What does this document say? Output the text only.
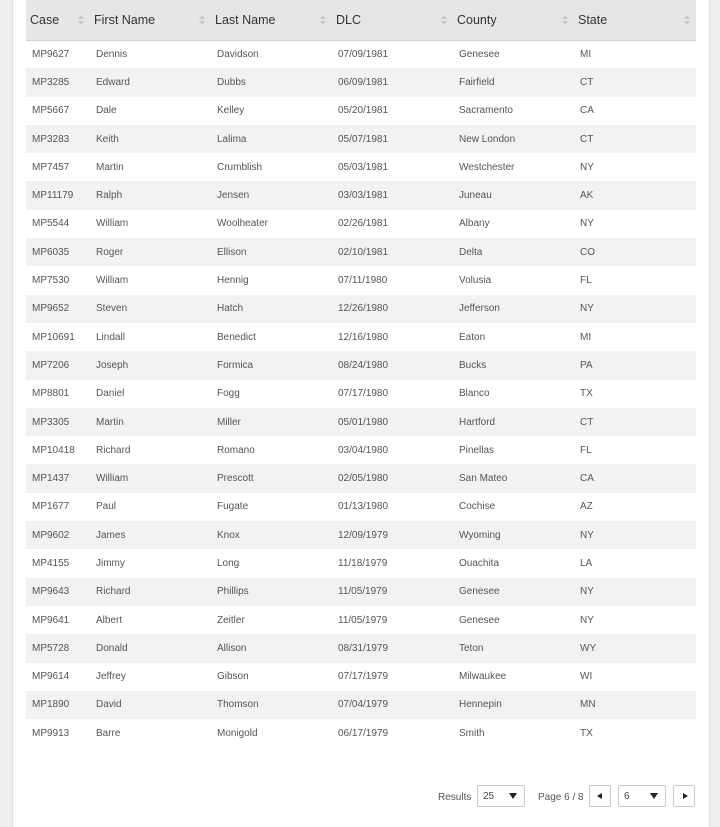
Case	First Name	Last Name	DLC	County	State

MP9627	Dennis	Davidson	07/09/1981	Genesee	MI
MP3285	Edward	Dubbs	06/09/1981	Fairfield	CT
MP5667	Dale	Kelley	05/20/1981	Sacramento	CA
MP3283	Keith	Lalima	05/07/1981	New London	CT
MP7457	Martin	Crumblish	05/03/1981	Westchester	NY
MP11179	Ralph	Jensen	03/03/1981	Juneau	AK
MP5544	William	Woolheater	02/26/1981	Albany	NY
MP6035	Roger	Ellison	02/10/1981	Delta	CO
MP7530	William	Hennig	07/11/1980	Volusia	FL
MP9652	Steven	Hatch	12/26/1980	Jefferson	NY
MP10691	Lindall	Benedict	12/16/1980	Eaton	MI
MP7206	Joseph	Formica	08/24/1980	Bucks	PA
MP8801	Daniel	Fogg	07/17/1980	Blanco	TX
MP3305	Martin	Miller	05/01/1980	Hartford	CT
MP10418	Richard	Romano	03/04/1980	Pinellas	FL
MP1437	William	Prescott	02/05/1980	San Mateo	CA
MP1677	Paul	Fugate	01/13/1980	Cochise	AZ
MP9602	James	Knox	12/09/1979	Wyoming	NY
MP4155	Jimmy	Long	11/18/1979	Ouachita	LA
MP9643	Richard	Phillips	11/05/1979	Genesee	NY
MP9641	Albert	Zeitler	11/05/1979	Genesee	NY
MP5728	Donald	Allison	08/31/1979	Teton	WY
MP9614	Jeffrey	Gibson	07/17/1979	Milwaukee	WI
MP1890	David	Thomson	07/04/1979	Hennepin	MN
MP9913	Barre	Monigold	06/17/1979	Smith	TX
Results 25	Page 6 / 8	6
